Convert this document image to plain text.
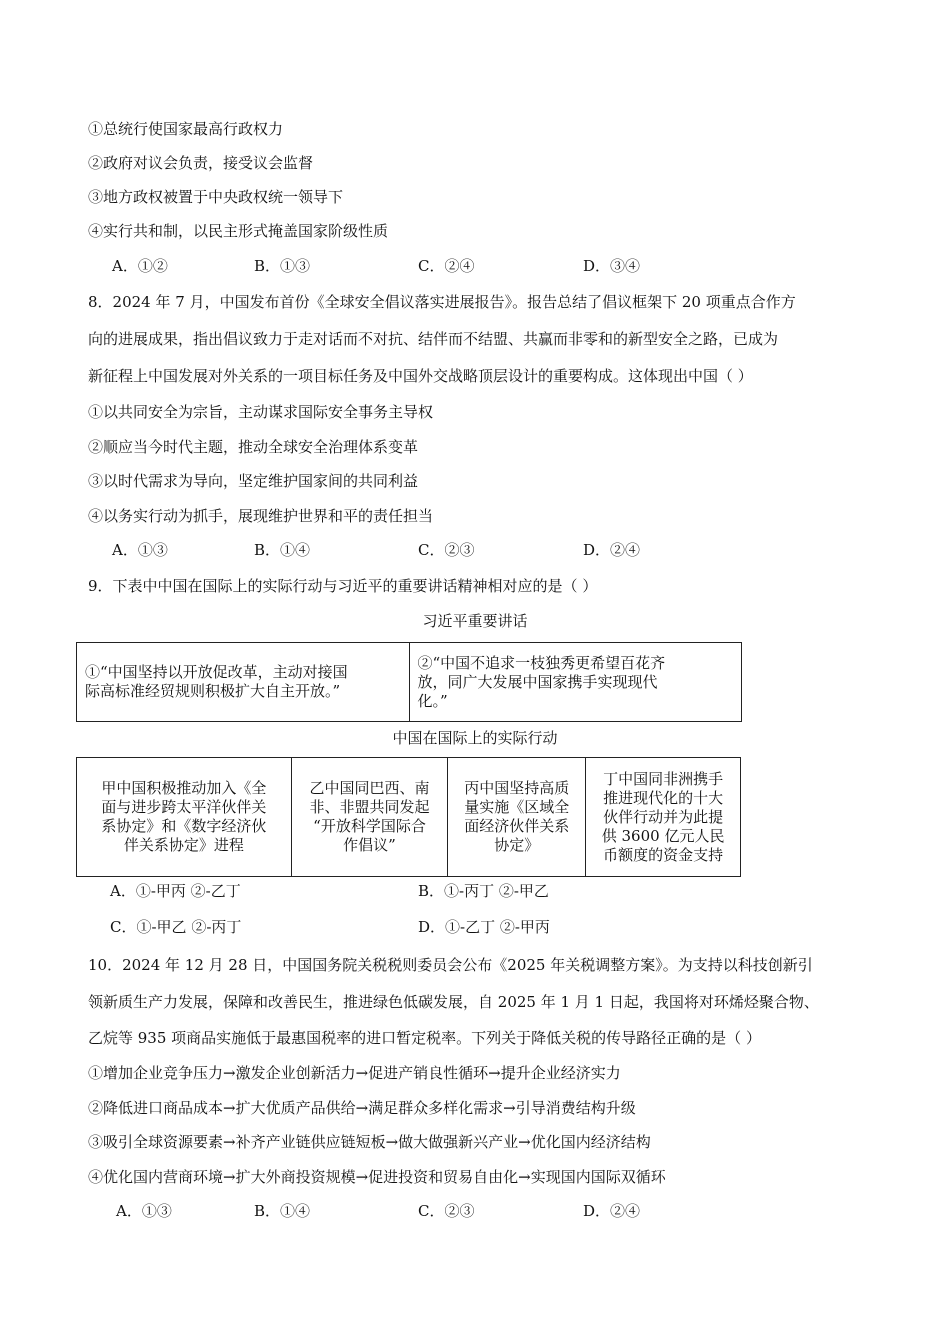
①总统行使国家最高行政权力
②政府对议会负责，接受议会监督
③地方政权被置于中央政权统一领导下
④实行共和制，以民主形式掩盖国家阶级性质
A．①②	B．①③	C．②④	D．③④
8．2024 年 7 月，中国发布首份《全球安全倡议落实进展报告》。报告总结了倡议框架下 20 项重点合作方
向的进展成果，指出倡议致力于走对话而不对抗、结伴而不结盟、共赢而非零和的新型安全之路，已成为
新征程上中国发展对外关系的一项目标任务及中国外交战略顶层设计的重要构成。这体现出中国（ ）
①以共同安全为宗旨，主动谋求国际安全事务主导权
②顺应当今时代主题，推动全球安全治理体系变革
③以时代需求为导向，坚定维护国家间的共同利益
④以务实行动为抓手，展现维护世界和平的责任担当
A．①③	B．①④	C．②③	D．②④
9．下表中中国在国际上的实际行动与习近平的重要讲话精神相对应的是（ ）
习近平重要讲话
①“中国坚持以开放促改革，主动对接国
际高标准经贸规则积极扩大自主开放。”

②“中国不追求一枝独秀更希望百花齐
放，同广大发展中国家携手实现现代
化。”
中国在国际上的实际行动
甲中国积极推动加入《全
面与进步跨太平洋伙伴关
系协定》和《数字经济伙
伴关系协定》进程

乙中国同巴西、南
非、非盟共同发起
“开放科学国际合
作倡议”

丙中国坚持高质
量实施《区域全
面经济伙伴关系
协定》

丁中国同非洲携手
推进现代化的十大
伙伴行动并为此提
供 3600 亿元人民
币额度的资金支持
A．①-甲丙 ②-乙丁	B．①-丙丁 ②-甲乙
C．①-甲乙 ②-丙丁	D．①-乙丁 ②-甲丙
10．2024 年 12 月 28 日，中国国务院关税税则委员会公布《2025 年关税调整方案》。为支持以科技创新引
领新质生产力发展，保障和改善民生，推进绿色低碳发展，自 2025 年 1 月 1 日起，我国将对环烯烃聚合物、
乙烷等 935 项商品实施低于最惠国税率的进口暂定税率。下列关于降低关税的传导路径正确的是（ ）
①增加企业竞争压力→激发企业创新活力→促进产销良性循环→提升企业经济实力
②降低进口商品成本→扩大优质产品供给→满足群众多样化需求→引导消费结构升级
③吸引全球资源要素→补齐产业链供应链短板→做大做强新兴产业→优化国内经济结构
④优化国内营商环境→扩大外商投资规模→促进投资和贸易自由化→实现国内国际双循环
A．①③	B．①④	C．②③	D．②④
